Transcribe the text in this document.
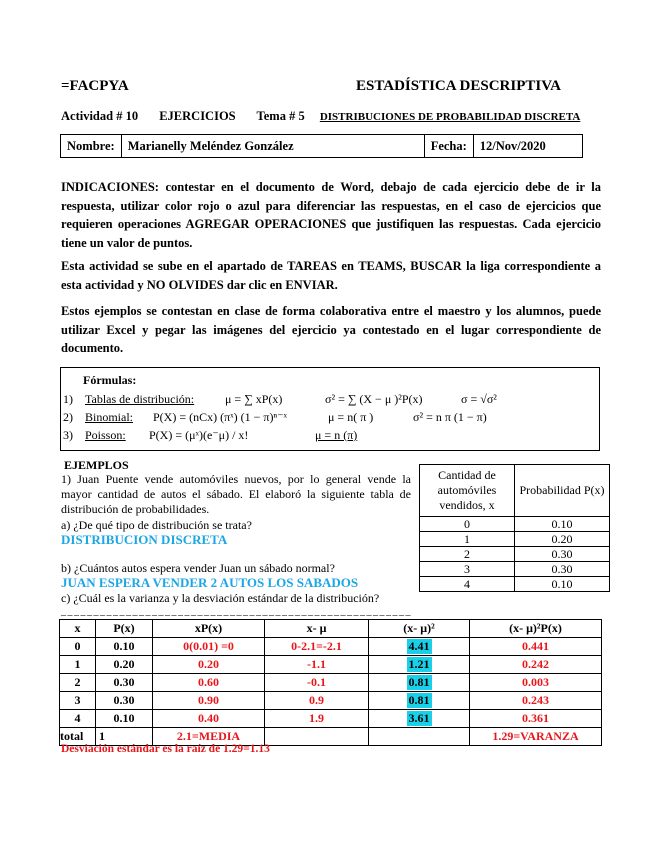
=FACPYA	ESTADÍSTICA DESCRIPTIVA
Actividad # 10 EJERCICIOS Tema # 5 DISTRIBUCIONES DE PROBABILIDAD DISCRETA
Nombre:	Marianelly Meléndez González	Fecha:	12/Nov/2020
INDICACIONES: contestar en el documento de Word, debajo de cada ejercicio debe de ir la respuesta, utilizar color rojo o azul para diferenciar las respuestas, en el caso de ejercicios que requieren operaciones AGREGAR OPERACIONES que justifiquen las respuestas. Cada ejercicio tiene un valor de puntos.
Esta actividad se sube en el apartado de TAREAS en TEAMS, BUSCAR la liga correspondiente a esta actividad y NO OLVIDES dar clic en ENVIAR.
Estos ejemplos se contestan en clase de forma colaborativa entre el maestro y los alumnos, puede utilizar Excel y pegar las imágenes del ejercicio ya contestado en el lugar correspondiente de documento.
Fórmulas:
1) Tablas de distribución:	μ = ∑ xP(x)	σ² = ∑ (X − μ )²P(x)	σ = √σ²
2) Binomial: P(X) = (nCx) (πˣ) (1 − π)ⁿ⁻ˣ	μ = n( π )	σ² = n π (1 − π)
3) Poisson: P(X) = (μˣ)(e⁻μ) / x!	μ = n (π)
EJEMPLOS
1) Juan Puente vende automóviles nuevos, por lo general vende la mayor cantidad de autos el sábado. El elaboró la siguiente tabla de distribución de probabilidades.
a) ¿De qué tipo de distribución se trata?
DISTRIBUCION DISCRETA
b) ¿Cuántos autos espera vender Juan un sábado normal?
JUAN ESPERA VENDER 2 AUTOS LOS SABADOS
c) ¿Cuál es la varianza y la desviación estándar de la distribución?
_ _ _ _ _ _ _ _ _ _ _ _ _ _ _ _ _ _ _ _ _ _ _ _ _ _ _ _ _ _ _ _ _ _ _ _ _ _ _ _ _ _ _ _ _ _ _ _ _ _ _ _ _ _
Cantidad de automóviles vendidos, x	Probabilidad P(x)
0	0.10
1	0.20
2	0.30
3	0.30
4	0.10
x	P(x)	xP(x)	x- μ	(x- μ)²	(x- μ)²P(x)
0	0.10	0(0.01) =0	0-2.1=-2.1	4.41	0.441
1	0.20	0.20	-1.1	1.21	0.242
2	0.30	0.60	-0.1	0.81	0.003
3	0.30	0.90	0.9	0.81	0.243
4	0.10	0.40	1.9	3.61	0.361
total	1	2.1=MEDIA			1.29=VARANZA
Desviación estándar es la raíz de 1.29=1.13
